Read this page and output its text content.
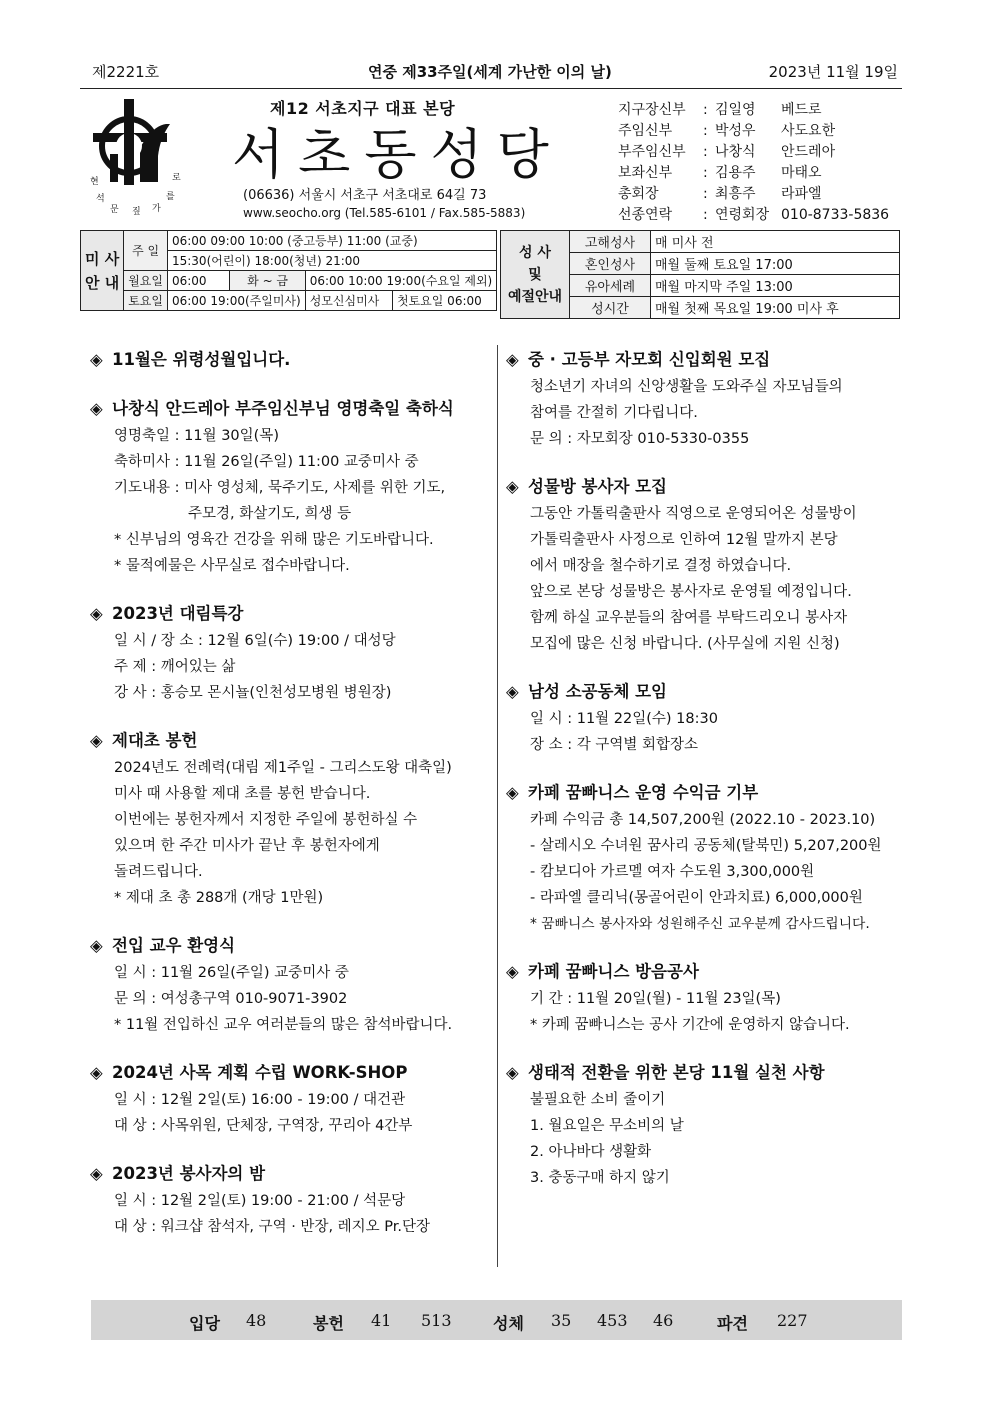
제2221호	연중 제33주일(세계 가난한 이의 날)	2023년 11월 19일
현	로
석	를
문 짚 가
제12 서초지구 대표 본당
서초동성당
(06636) 서울시 서초구 서초대로 64길 73
www.seocho.org (Tel.585-6101 / Fax.585-5883)
지구장신부	: 김일영	베드로
주임신부	: 박성우	사도요한
부주임신부	: 나창식	안드레아
보좌신부	: 김용주	마태오
총회장	: 최흥주	라파엘
선종연락	: 연령회장 010-8733-5836
미 사
안 내	주 일	06:00 09:00 10:00 (중고등부) 11:00 (교중)			
		15:30(어린이) 18:00(청년) 21:00			
	월요일	06:00	화 ~ 금	06:00 10:00 19:00(수요일 제외)	
	토요일	06:00 19:00(주일미사)		성모신심미사	첫토요일 06:00
성 사
및
예절안내	고해성사	매 미사 전
	혼인성사	매월 둘째 토요일 17:00
	유아세례	매월 마지막 주일 13:00
	성시간	매월 첫째 목요일 19:00 미사 후
◈ 11월은 위령성월입니다.
◈ 나창식 안드레아 부주임신부님 영명축일 축하식
영명축일 : 11월 30일(목)
축하미사 : 11월 26일(주일) 11:00 교중미사 중
기도내용 : 미사 영성체, 묵주기도, 사제를 위한 기도,
주모경, 화살기도, 희생 등
* 신부님의 영육간 건강을 위해 많은 기도바랍니다.
* 물적예물은 사무실로 접수바랍니다.
◈ 2023년 대림특강
일 시 / 장 소 : 12월 6일(수) 19:00 / 대성당
주 제 : 깨어있는 삶
강 사 : 홍승모 몬시뇰(인천성모병원 병원장)
◈ 제대초 봉헌
2024년도 전례력(대림 제1주일 - 그리스도왕 대축일)
미사 때 사용할 제대 초를 봉헌 받습니다.
이번에는 봉헌자께서 지정한 주일에 봉헌하실 수
있으며 한 주간 미사가 끝난 후 봉헌자에게
돌려드립니다.
* 제대 초 총 288개 (개당 1만원)
◈ 전입 교우 환영식
일 시 : 11월 26일(주일) 교중미사 중
문 의 : 여성총구역 010-9071-3902
* 11월 전입하신 교우 여러분들의 많은 참석바랍니다.
◈ 2024년 사목 계획 수립 WORK-SHOP
일 시 : 12월 2일(토) 16:00 - 19:00 / 대건관
대 상 : 사목위원, 단체장, 구역장, 꾸리아 4간부
◈ 2023년 봉사자의 밤
일 시 : 12월 2일(토) 19:00 - 21:00 / 석문당
대 상 : 워크샵 참석자, 구역 · 반장, 레지오 Pr.단장
◈ 중 · 고등부 자모회 신입회원 모집
청소년기 자녀의 신앙생활을 도와주실 자모님들의
참여를 간절히 기다립니다.
문 의 : 자모회장 010-5330-0355
◈ 성물방 봉사자 모집
그동안 가톨릭출판사 직영으로 운영되어온 성물방이
가톨릭출판사 사정으로 인하여 12월 말까지 본당
에서 매장을 철수하기로 결정 하였습니다.
앞으로 본당 성물방은 봉사자로 운영될 예정입니다.
함께 하실 교우분들의 참여를 부탁드리오니 봉사자
모집에 많은 신청 바랍니다. (사무실에 지원 신청)
◈ 남성 소공동체 모임
일 시 : 11월 22일(수) 18:30
장 소 : 각 구역별 회합장소
◈ 카페 꿈빠니스 운영 수익금 기부
카페 수익금 총 14,507,200원 (2022.10 - 2023.10)
- 살레시오 수녀원 꿈사리 공동체(탈북민) 5,207,200원
- 캄보디아 가르멜 여자 수도원 3,300,000원
- 라파엘 클리닉(몽골어린이 안과치료) 6,000,000원
* 꿈빠니스 봉사자와 성원해주신 교우분께 감사드립니다.
◈ 카페 꿈빠니스 방음공사
기 간 : 11월 20일(월) - 11월 23일(목)
* 카페 꿈빠니스는 공사 기간에 운영하지 않습니다.
◈ 생태적 전환을 위한 본당 11월 실천 사항
불필요한 소비 줄이기
1. 월요일은 무소비의 날
2. 아나바다 생활화
3. 충동구매 하지 않기
입당 48	봉헌 41 513	성체 35 453 46	파견 227
